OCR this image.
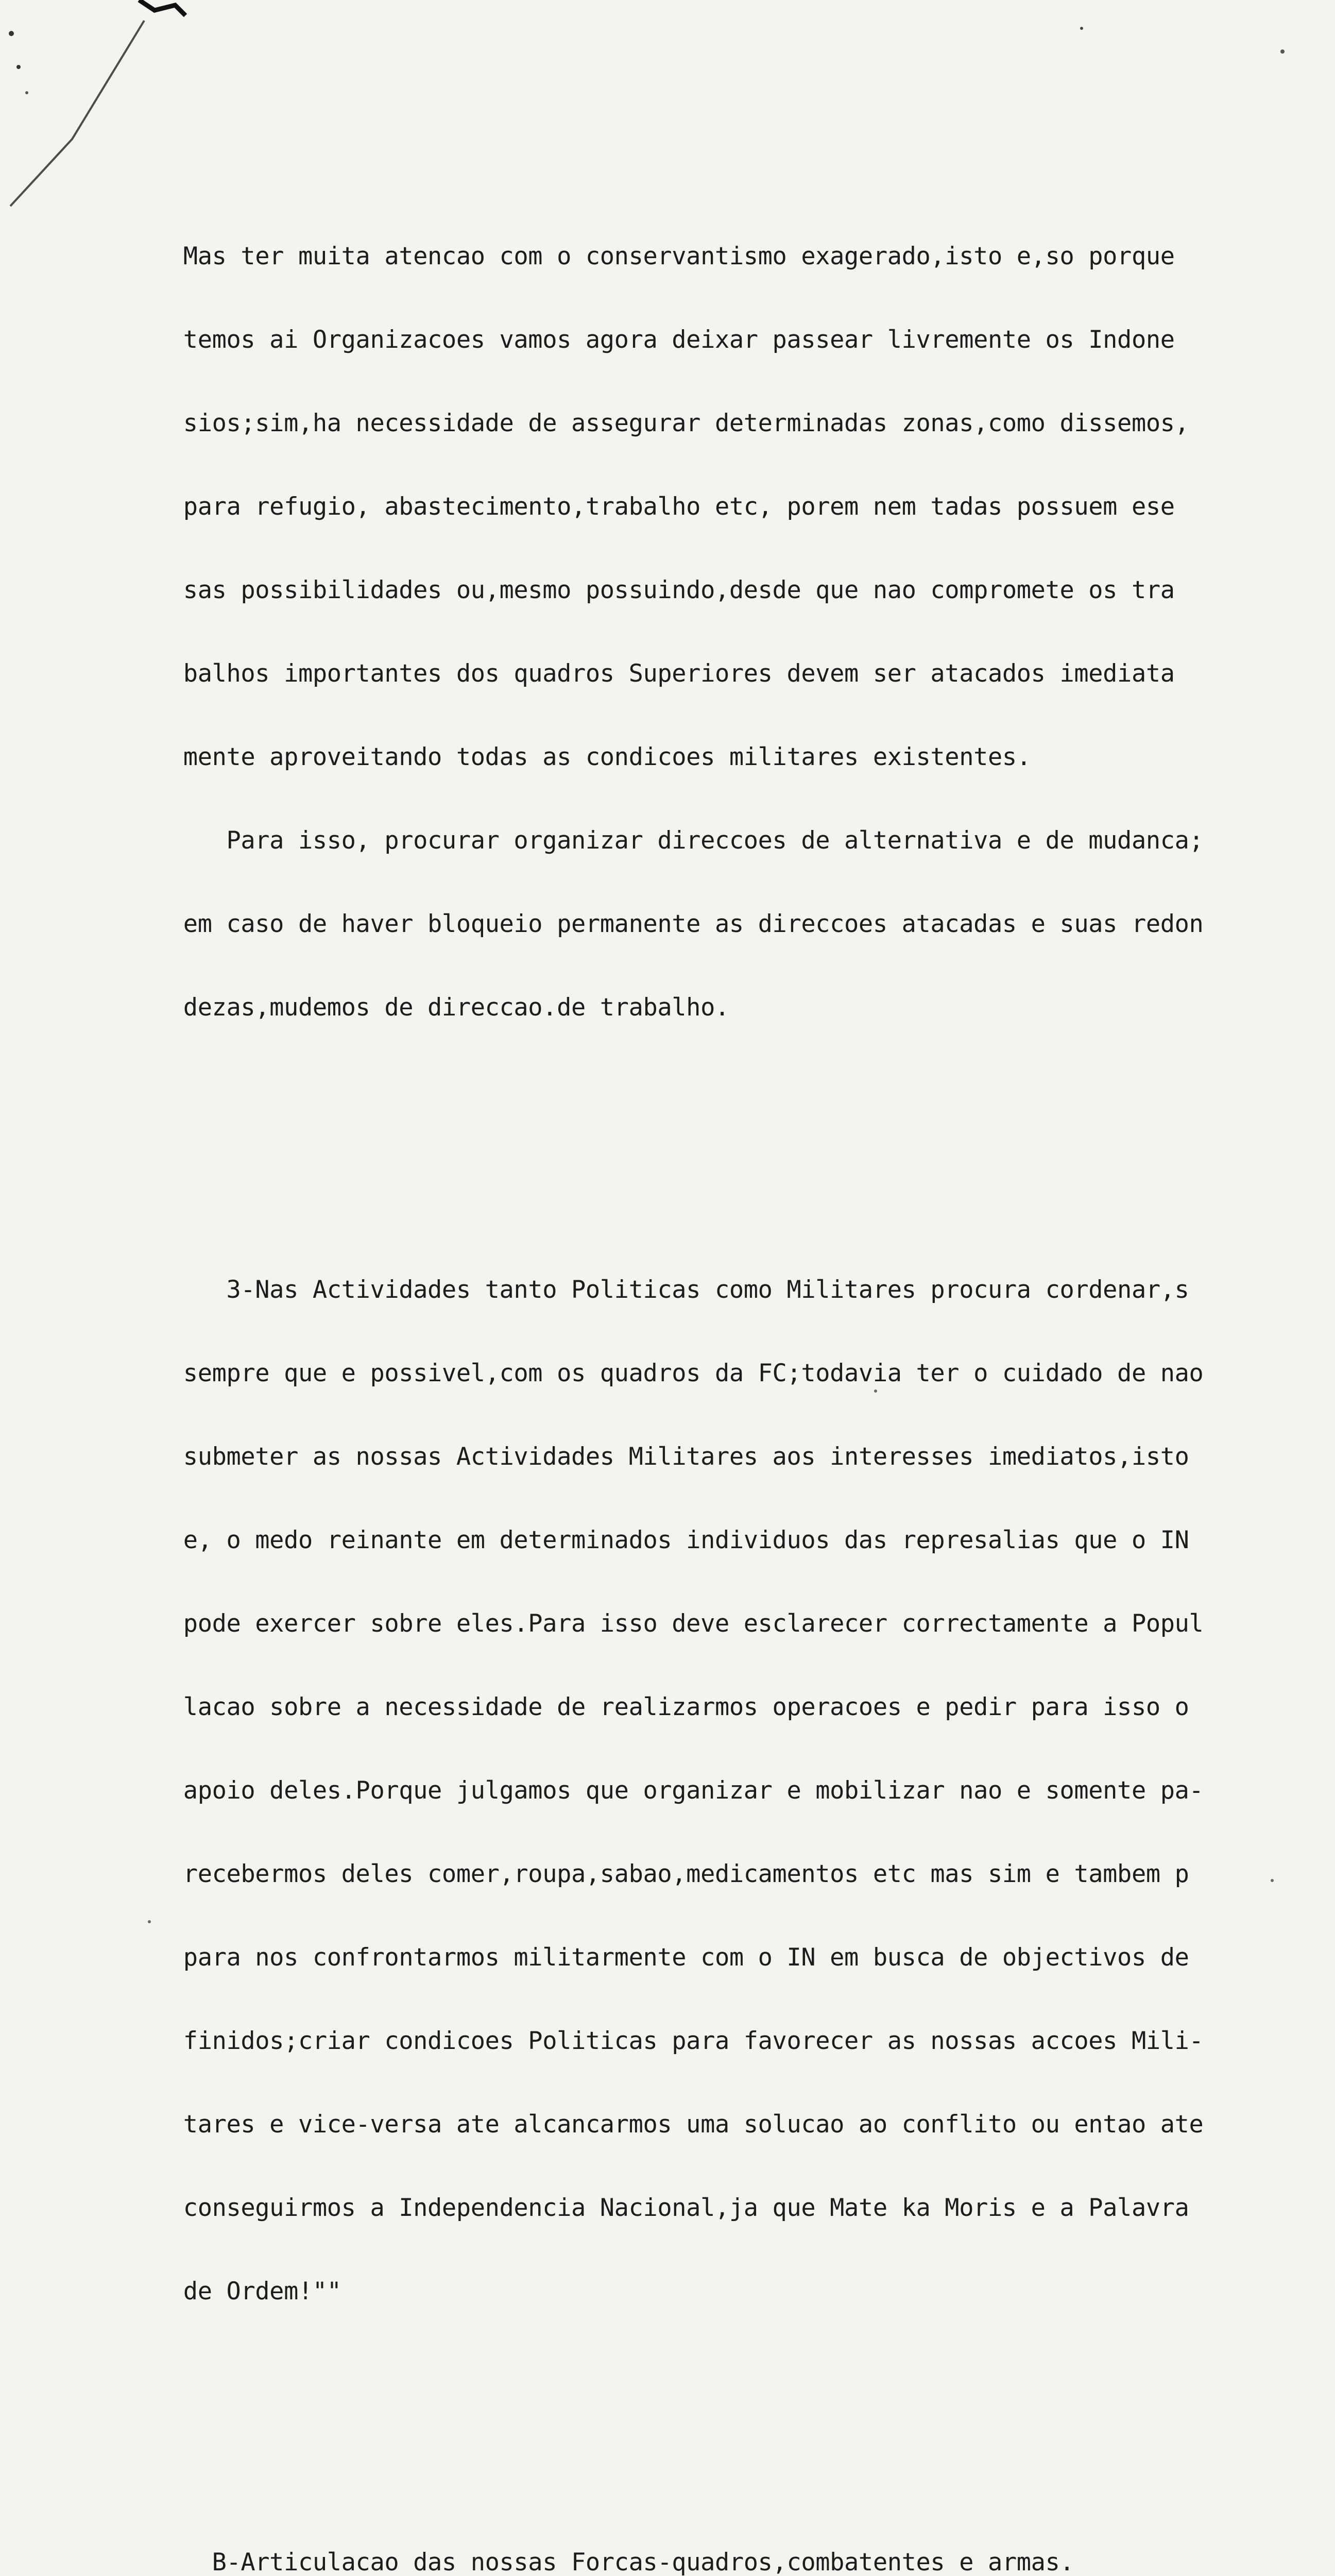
Mas ter muita atencao com o conservantismo exagerado,isto e,so porque

temos ai Organizacoes vamos agora deixar passear livremente os Indone

sios;sim,ha necessidade de assegurar determinadas zonas,como dissemos,

para refugio, abastecimento,trabalho etc, porem nem tadas possuem ese

sas possibilidades ou,mesmo possuindo,desde que nao compromete os tra

balhos importantes dos quadros Superiores devem ser atacados imediata

mente aproveitando todas as condicoes militares existentes.

Para isso, procurar organizar direccoes de alternativa e de mudanca;

em caso de haver bloqueio permanente as direccoes atacadas e suas redon

dezas,mudemos de direccao.de trabalho.

3-Nas Actividades tanto Politicas como Militares procura cordenar,s

sempre que e possivel,com os quadros da FC;todavia ter o cuidado de nao

submeter as nossas Actividades Militares aos interesses imediatos,isto

e, o medo reinante em determinados individuos das represalias que o IN

pode exercer sobre eles.Para isso deve esclarecer correctamente a Popul

lacao sobre a necessidade de realizarmos operacoes e pedir para isso o

apoio deles.Porque julgamos que organizar e mobilizar nao e somente pa-

recebermos deles comer,roupa,sabao,medicamentos etc mas sim e tambem p

para nos confrontarmos militarmente com o IN em busca de objectivos de

finidos;criar condicoes Politicas para favorecer as nossas accoes Mili-

tares e vice-versa ate alcancarmos uma solucao ao conflito ou entao ate

conseguirmos a Independencia Nacional,ja que Mate ka Moris e a Palavra

de Ordem!""

B-Articulacao das nossas Forcas-quadros,combatentes e armas.
